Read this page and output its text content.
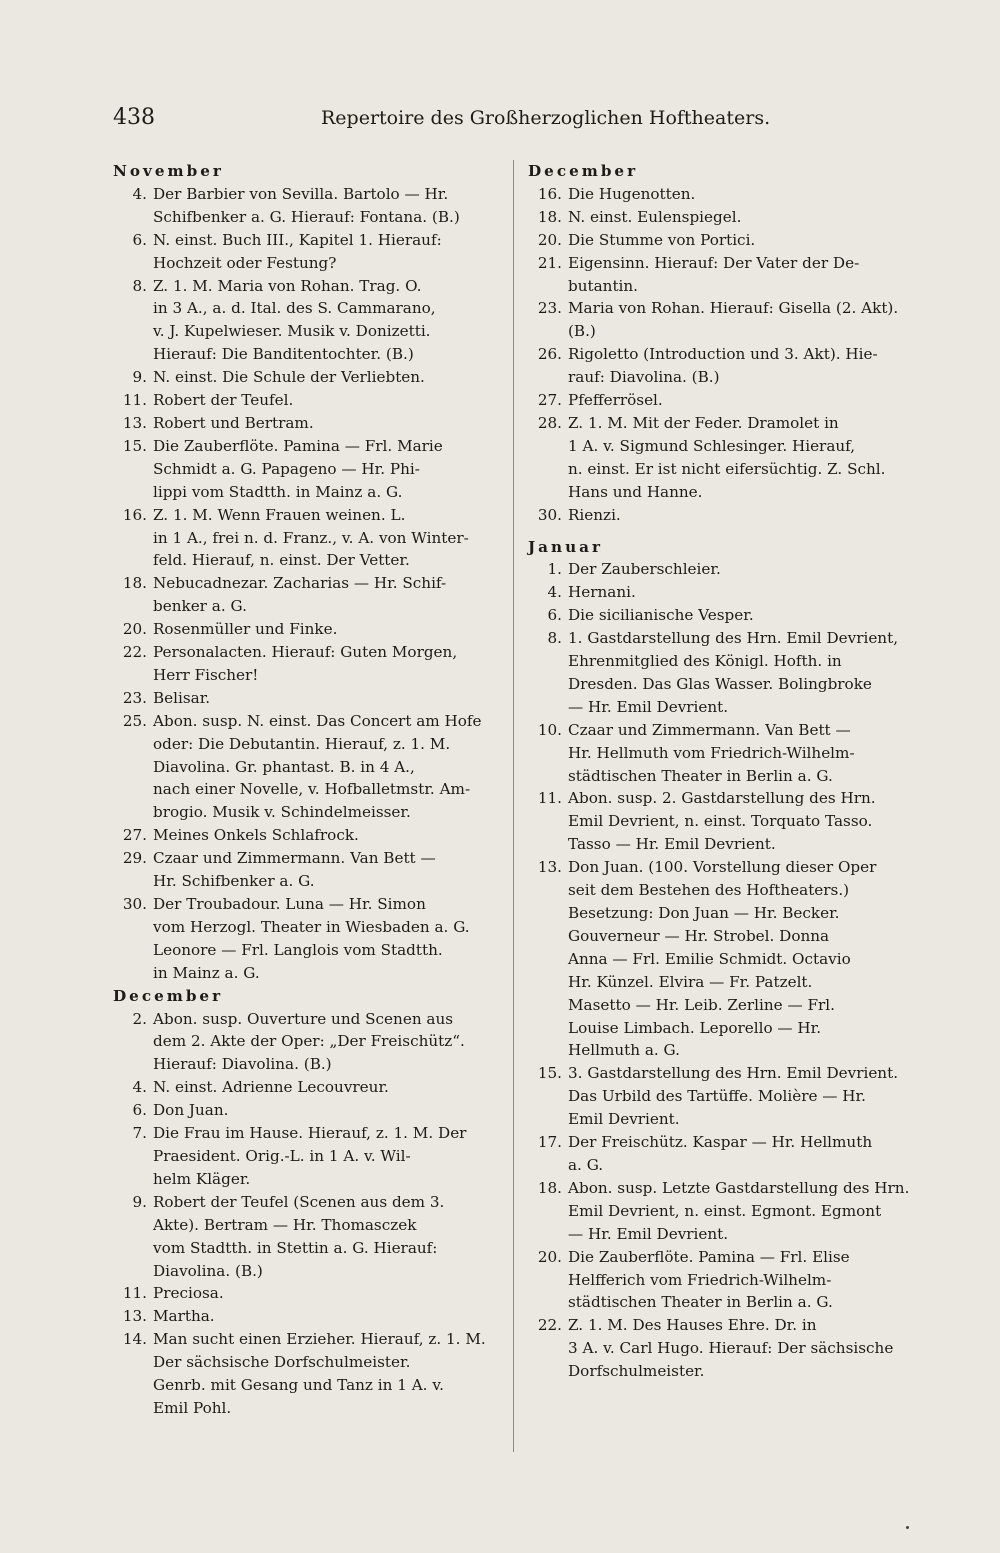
438	Repertoire des Großherzoglichen Hoftheaters.
November
4. Der Barbier von Sevilla. Bartolo — Hr.
Schifbenker a. G. Hierauf: Fontana. (B.)
6. N. einst. Buch III., Kapitel 1. Hierauf:
Hochzeit oder Festung?
8. Z. 1. M. Maria von Rohan. Trag. O.
in 3 A., a. d. Ital. des S. Cammarano,
v. J. Kupelwieser. Musik v. Donizetti.
Hierauf: Die Banditentochter. (B.)
9. N. einst. Die Schule der Verliebten.
11. Robert der Teufel.
13. Robert und Bertram.
15. Die Zauberflöte. Pamina — Frl. Marie
Schmidt a. G. Papageno — Hr. Phi-
lippi vom Stadtth. in Mainz a. G.
16. Z. 1. M. Wenn Frauen weinen. L.
in 1 A., frei n. d. Franz., v. A. von Winter-
feld. Hierauf, n. einst. Der Vetter.
18. Nebucadnezar. Zacharias — Hr. Schif-
benker a. G.
20. Rosenmüller und Finke.
22. Personalacten. Hierauf: Guten Morgen,
Herr Fischer!
23. Belisar.
25. Abon. susp. N. einst. Das Concert am Hofe
oder: Die Debutantin. Hierauf, z. 1. M.
Diavolina. Gr. phantast. B. in 4 A.,
nach einer Novelle, v. Hofballetmstr. Am-
brogio. Musik v. Schindelmeisser.
27. Meines Onkels Schlafrock.
29. Czaar und Zimmermann. Van Bett —
Hr. Schifbenker a. G.
30. Der Troubadour. Luna — Hr. Simon
vom Herzogl. Theater in Wiesbaden a. G.
Leonore — Frl. Langlois vom Stadtth.
in Mainz a. G.
December
2. Abon. susp. Ouverture und Scenen aus
dem 2. Akte der Oper: „Der Freischütz“.
Hierauf: Diavolina. (B.)
4. N. einst. Adrienne Lecouvreur.
6. Don Juan.
7. Die Frau im Hause. Hierauf, z. 1. M. Der
Praesident. Orig.-L. in 1 A. v. Wil-
helm Kläger.
9. Robert der Teufel (Scenen aus dem 3.
Akte). Bertram — Hr. Thomasczek
vom Stadtth. in Stettin a. G. Hierauf:
Diavolina. (B.)
11. Preciosa.
13. Martha.
14. Man sucht einen Erzieher. Hierauf, z. 1. M.
Der sächsische Dorfschulmeister.
Genrb. mit Gesang und Tanz in 1 A. v.
Emil Pohl.
December
16. Die Hugenotten.
18. N. einst. Eulenspiegel.
20. Die Stumme von Portici.
21. Eigensinn. Hierauf: Der Vater der De-
butantin.
23. Maria von Rohan. Hierauf: Gisella (2. Akt).
(B.)
26. Rigoletto (Introduction und 3. Akt). Hie-
rauf: Diavolina. (B.)
27. Pfefferrösel.
28. Z. 1. M. Mit der Feder. Dramolet in
1 A. v. Sigmund Schlesinger. Hierauf,
n. einst. Er ist nicht eifersüchtig. Z. Schl.
Hans und Hanne.
30. Rienzi.
Januar
1. Der Zauberschleier.
4. Hernani.
6. Die sicilianische Vesper.
8. 1. Gastdarstellung des Hrn. Emil Devrient,
Ehrenmitglied des Königl. Hofth. in
Dresden. Das Glas Wasser. Bolingbroke
— Hr. Emil Devrient.
10. Czaar und Zimmermann. Van Bett —
Hr. Hellmuth vom Friedrich-Wilhelm-
städtischen Theater in Berlin a. G.
11. Abon. susp. 2. Gastdarstellung des Hrn.
Emil Devrient, n. einst. Torquato Tasso.
Tasso — Hr. Emil Devrient.
13. Don Juan. (100. Vorstellung dieser Oper
seit dem Bestehen des Hoftheaters.)
Besetzung: Don Juan — Hr. Becker.
Gouverneur — Hr. Strobel. Donna
Anna — Frl. Emilie Schmidt. Octavio
Hr. Künzel. Elvira — Fr. Patzelt.
Masetto — Hr. Leib. Zerline — Frl.
Louise Limbach. Leporello — Hr.
Hellmuth a. G.
15. 3. Gastdarstellung des Hrn. Emil Devrient.
Das Urbild des Tartüffe. Molière — Hr.
Emil Devrient.
17. Der Freischütz. Kaspar — Hr. Hellmuth
a. G.
18. Abon. susp. Letzte Gastdarstellung des Hrn.
Emil Devrient, n. einst. Egmont. Egmont
— Hr. Emil Devrient.
20. Die Zauberflöte. Pamina — Frl. Elise
Helfferich vom Friedrich-Wilhelm-
städtischen Theater in Berlin a. G.
22. Z. 1. M. Des Hauses Ehre. Dr. in
3 A. v. Carl Hugo. Hierauf: Der sächsische
Dorfschulmeister.
